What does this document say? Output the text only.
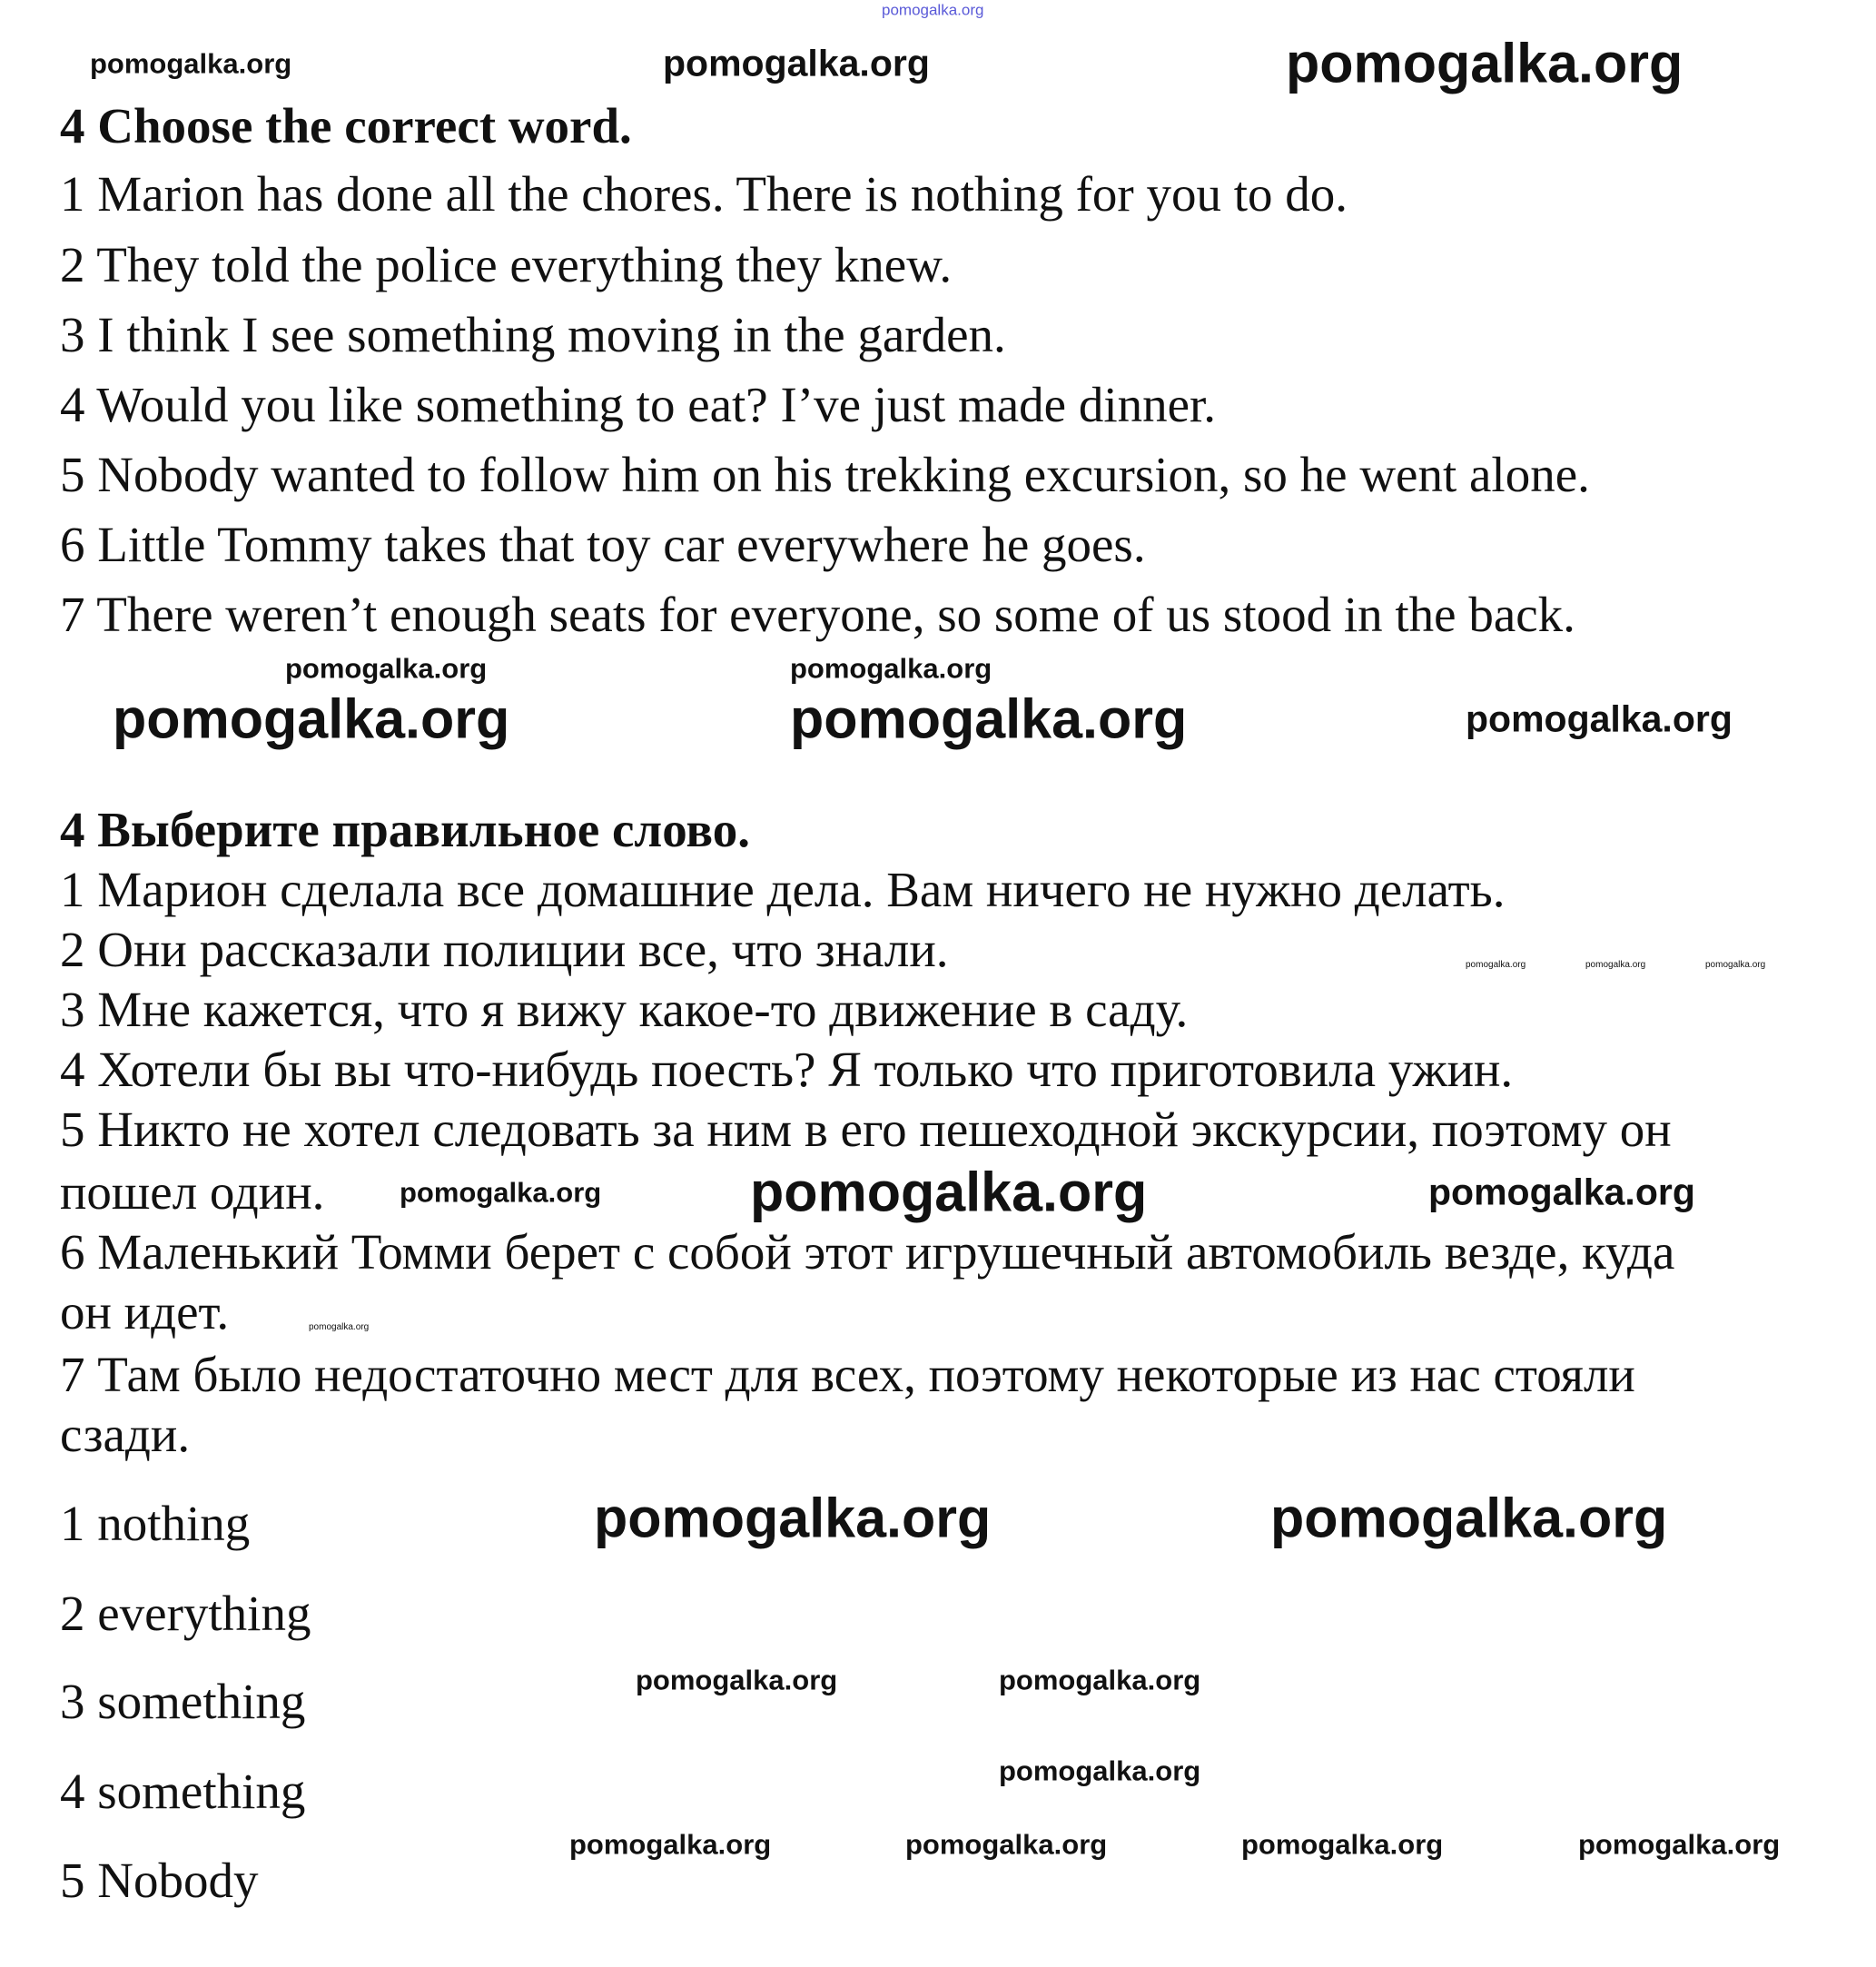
4 Choose the correct word.
1 Marion has done all the chores. There is nothing for you to do.
2 They told the police everything they knew.
3 I think I see something moving in the garden.
4 Would you like something to eat? I’ve just made dinner.
5 Nobody wanted to follow him on his trekking excursion, so he went alone.
6 Little Tommy takes that toy car everywhere he goes.
7 There weren’t enough seats for everyone, so some of us stood in the back.
4 Выберите правильное слово.
1 Марион сделала все домашние дела. Вам ничего не нужно делать.
2 Они рассказали полиции все, что знали.
3 Мне кажется, что я вижу какое-то движение в саду.
4 Хотели бы вы что-нибудь поесть? Я только что приготовила ужин.
5 Никто не хотел следовать за ним в его пешеходной экскурсии, поэтому он
пошел один.
6 Маленький Томми берет с собой этот игрушечный автомобиль везде, куда
он идет.
7 Там было недостаточно мест для всех, поэтому некоторые из нас стояли
сзади.
1 nothing
2 everything
3 something
4 something
5 Nobody
pomogalka.org
pomogalka.org	pomogalka.org	pomogalka.org
pomogalka.org	pomogalka.org
pomogalka.org	pomogalka.org	pomogalka.org
pomogalka.org	pomogalka.org	pomogalka.org
pomogalka.org	pomogalka.org	pomogalka.org
pomogalka.org
pomogalka.org	pomogalka.org
pomogalka.org	pomogalka.org
pomogalka.org
pomogalka.org	pomogalka.org	pomogalka.org	pomogalka.org
